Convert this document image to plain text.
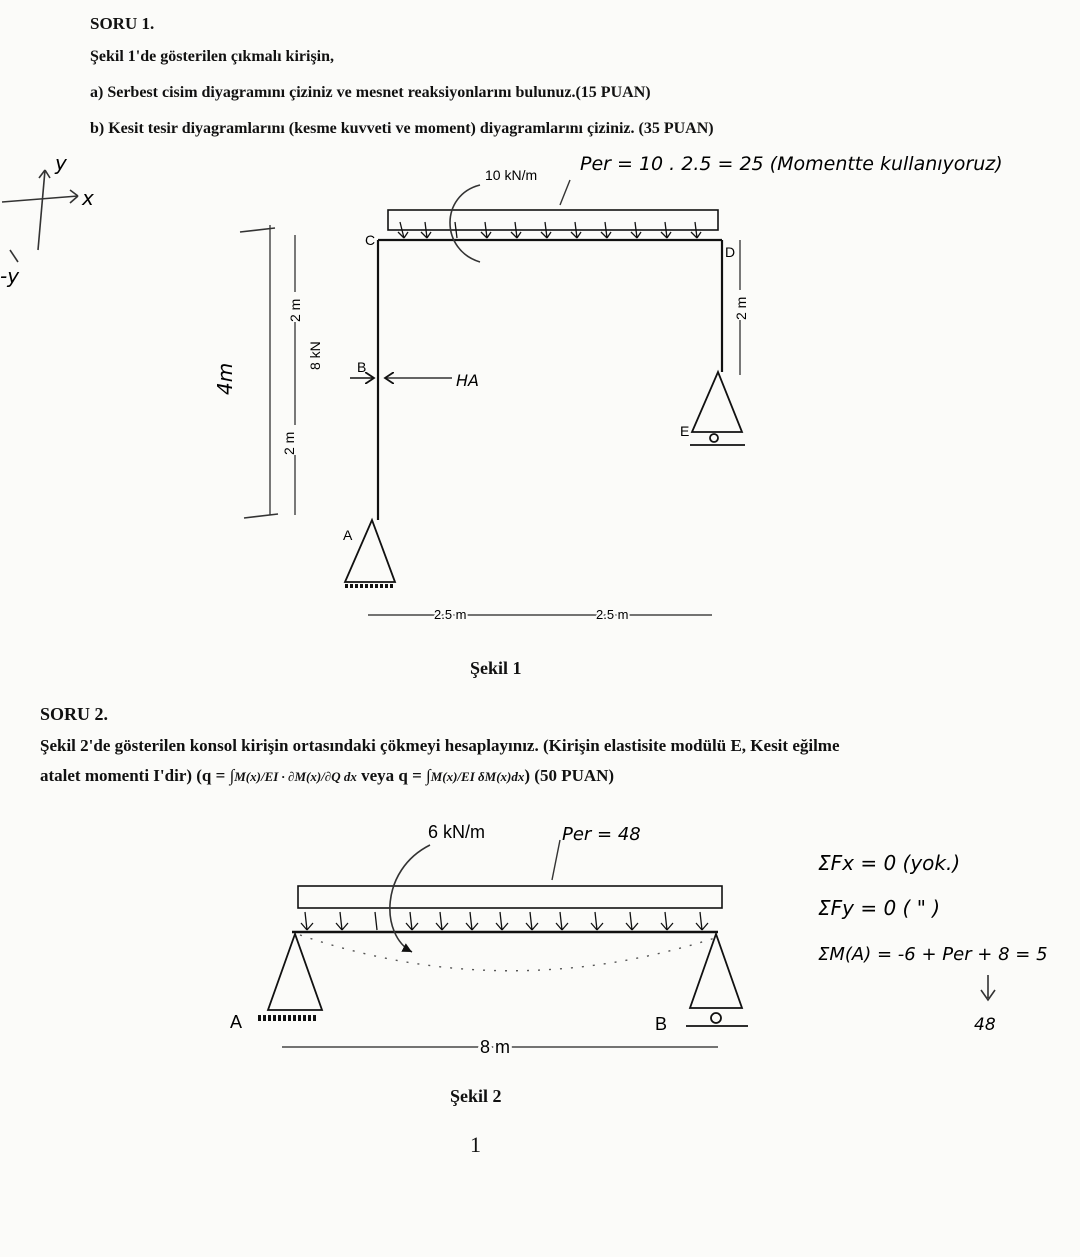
SORU 1.
Şekil 1'de gösterilen çıkmalı kirişin,
a) Serbest cisim diyagramını çiziniz ve mesnet reaksiyonlarını bulunuz.(15 PUAN)
b) Kesit tesir diyagramlarını (kesme kuvveti ve moment) diyagramlarını çiziniz. (35 PUAN)
Şekil 1
SORU 2.
Şekil 2'de gösterilen konsol kirişin ortasındaki çökmeyi hesaplayınız. (Kirişin elastisite modülü E, Kesit eğilme
atalet momenti I'dir) (q = ∫M(x)/EI · ∂M(x)/∂Q dx veya q = ∫M(x)/EI δM(x)dx) (50 PUAN)
Şekil 2
1
y
x
-y
C
B
A
D
E
10 kN/m
8 kN
HA
Per = 10 . 2.5 = 25 (Momentte kullanıyoruz)
2 m
2 m
2 m
2.5 m	2.5 m
4m
A	B
8 m
6 kN/m	Per = 48
ΣFx = 0 (yok.)
ΣFy = 0 ( " )
ΣM(A) = -6 + Per + 8 = 5
48
